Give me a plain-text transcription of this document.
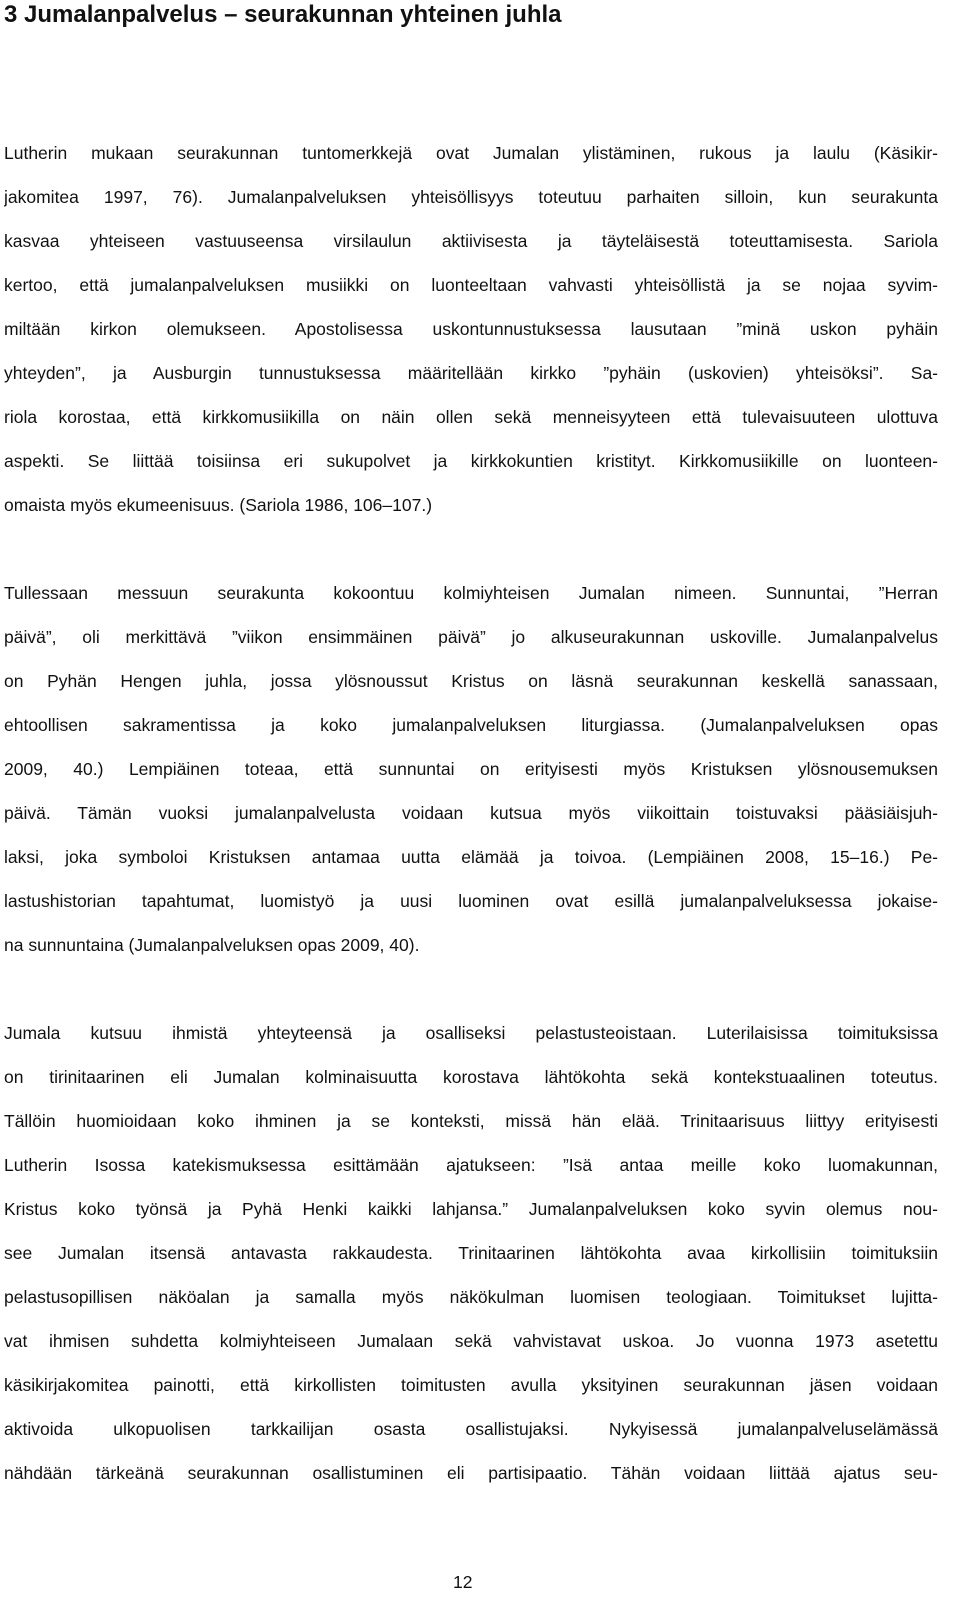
3 Jumalanpalvelus – seurakunnan yhteinen juhla

Lutherin mukaan seurakunnan tuntomerkkejä ovat Jumalan ylistäminen, rukous ja laulu (Käsikir-

jakomitea 1997, 76). Jumalanpalveluksen yhteisöllisyys toteutuu parhaiten silloin, kun seurakunta

kasvaa yhteiseen vastuuseensa virsilaulun aktiivisesta ja täyteläisestä toteuttamisesta. Sariola

kertoo, että jumalanpalveluksen musiikki on luonteeltaan vahvasti yhteisöllistä ja se nojaa syvim-

miltään kirkon olemukseen. Apostolisessa uskontunnustuksessa lausutaan ”minä uskon pyhäin

yhteyden”, ja Ausburgin tunnustuksessa määritellään kirkko ”pyhäin (uskovien) yhteisöksi”. Sa-

riola korostaa, että kirkkomusiikilla on näin ollen sekä menneisyyteen että tulevaisuuteen ulottuva

aspekti. Se liittää toisiinsa eri sukupolvet ja kirkkokuntien kristityt. Kirkkomusiikille on luonteen-

omaista myös ekumeenisuus. (Sariola 1986, 106–107.)

Tullessaan messuun seurakunta kokoontuu kolmiyhteisen Jumalan nimeen. Sunnuntai, ”Herran

päivä”, oli merkittävä ”viikon ensimmäinen päivä” jo alkuseurakunnan uskoville. Jumalanpalvelus

on Pyhän Hengen juhla, jossa ylösnoussut Kristus on läsnä seurakunnan keskellä sanassaan,

ehtoollisen sakramentissa ja koko jumalanpalveluksen liturgiassa. (Jumalanpalveluksen opas

2009, 40.) Lempiäinen toteaa, että sunnuntai on erityisesti myös Kristuksen ylösnousemuksen

päivä. Tämän vuoksi jumalanpalvelusta voidaan kutsua myös viikoittain toistuvaksi pääsiäisjuh-

laksi, joka symboloi Kristuksen antamaa uutta elämää ja toivoa. (Lempiäinen 2008, 15–16.) Pe-

lastushistorian tapahtumat, luomistyö ja uusi luominen ovat esillä jumalanpalveluksessa jokaise-

na sunnuntaina (Jumalanpalveluksen opas 2009, 40).

Jumala kutsuu ihmistä yhteyteensä ja osalliseksi pelastusteoistaan. Luterilaisissa toimituksissa

on tirinitaarinen eli Jumalan kolminaisuutta korostava lähtökohta sekä kontekstuaalinen toteutus.

Tällöin huomioidaan koko ihminen ja se konteksti, missä hän elää. Trinitaarisuus liittyy erityisesti

Lutherin Isossa katekismuksessa esittämään ajatukseen: ”Isä antaa meille koko luomakunnan,

Kristus koko työnsä ja Pyhä Henki kaikki lahjansa.” Jumalanpalveluksen koko syvin olemus nou-

see Jumalan itsensä antavasta rakkaudesta. Trinitaarinen lähtökohta avaa kirkollisiin toimituksiin

pelastusopillisen näköalan ja samalla myös näkökulman luomisen teologiaan. Toimitukset lujitta-

vat ihmisen suhdetta kolmiyhteiseen Jumalaan sekä vahvistavat uskoa. Jo vuonna 1973 asetettu

käsikirjakomitea painotti, että kirkollisten toimitusten avulla yksityinen seurakunnan jäsen voidaan

aktivoida ulkopuolisen tarkkailijan osasta osallistujaksi. Nykyisessä jumalanpalveluselämässä

nähdään tärkeänä seurakunnan osallistuminen eli partisipaatio. Tähän voidaan liittää ajatus seu-

12
